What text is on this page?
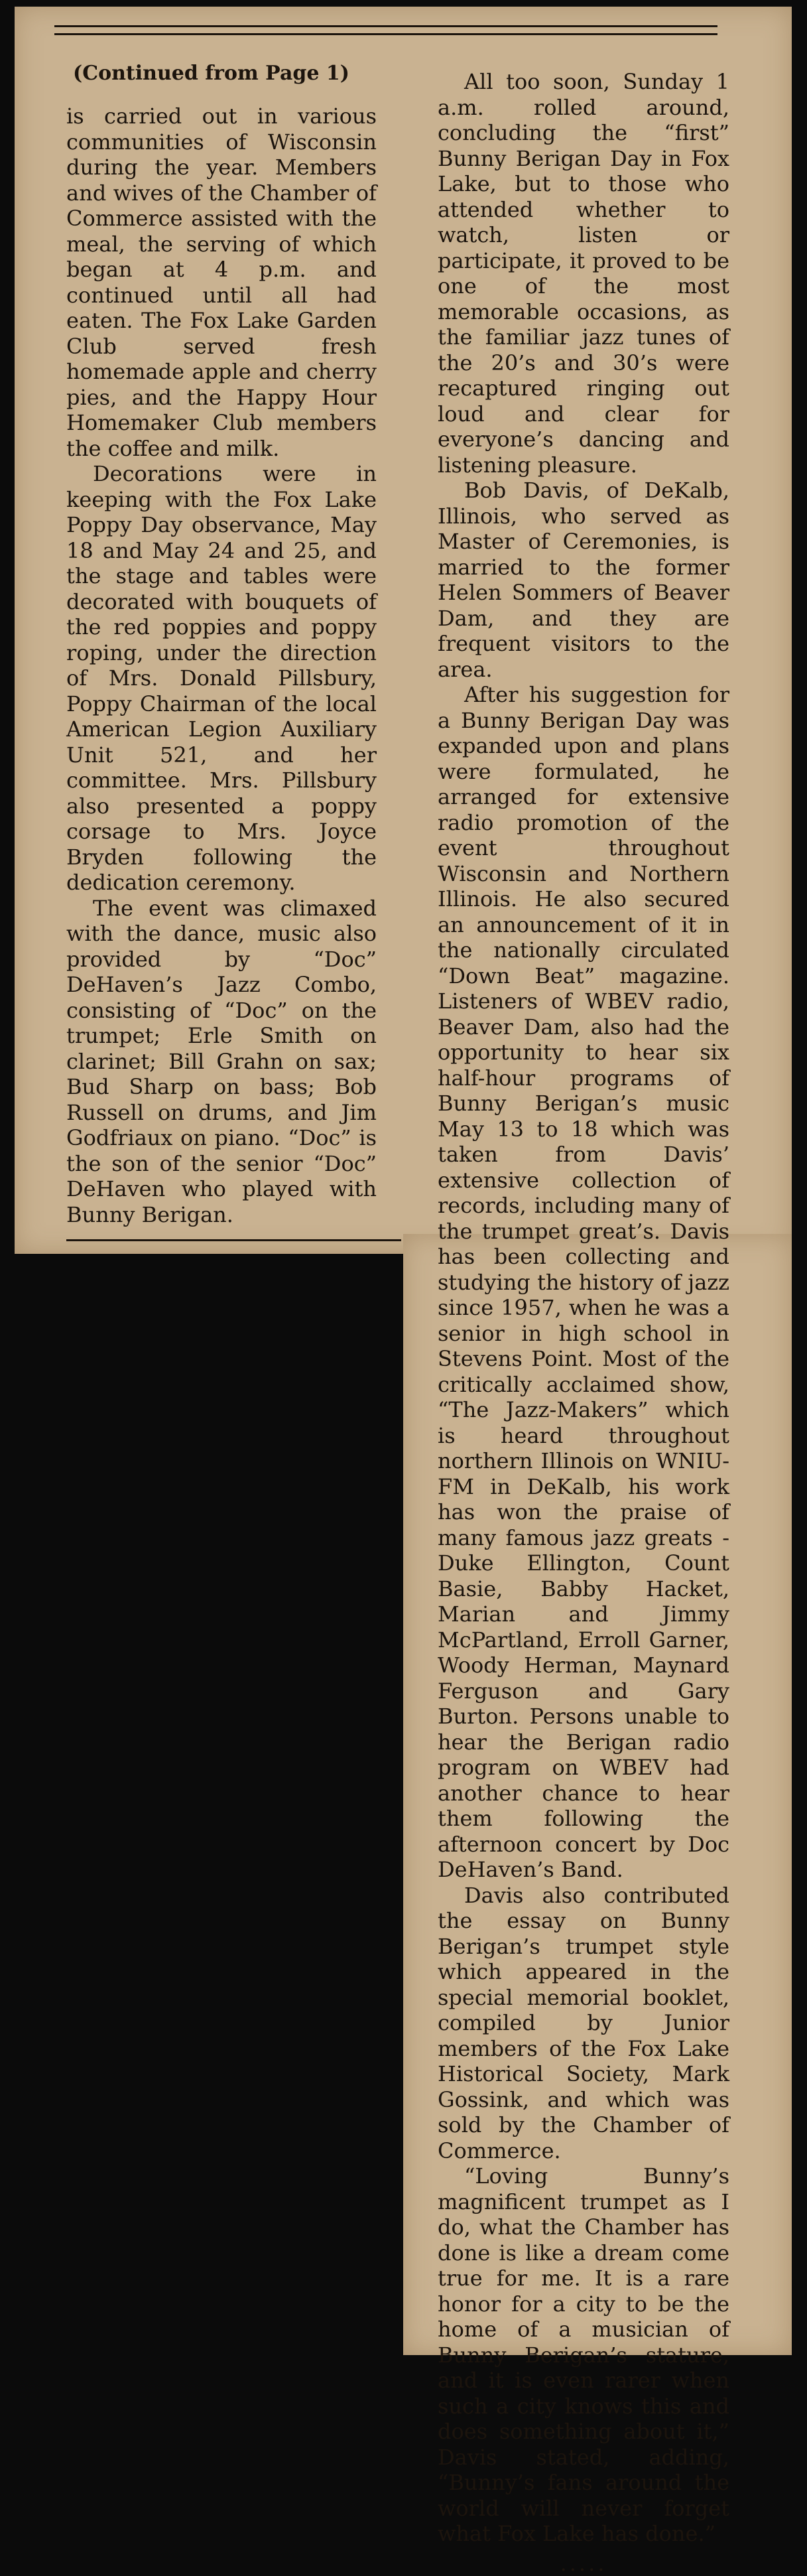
(Continued from Page 1)

is carried out in various communities of Wisconsin during the year. Members and wives of the Chamber of Commerce assisted with the meal, the serving of which began at 4 p.m. and continued until all had eaten. The Fox Lake Garden Club served fresh homemade apple and cherry pies, and the Happy Hour Homemaker Club members the coffee and milk.

Decorations were in keeping with the Fox Lake Poppy Day observance, May 18 and May 24 and 25, and the stage and tables were decorated with bouquets of the red poppies and poppy roping, under the direction of Mrs. Donald Pillsbury, Poppy Chairman of the local American Legion Auxiliary Unit 521, and her committee. Mrs. Pillsbury also presented a poppy corsage to Mrs. Joyce Bryden following the dedication ceremony.

The event was climaxed with the dance, music also provided by “Doc” DeHaven’s Jazz Combo, consisting of “Doc” on the trumpet; Erle Smith on clarinet; Bill Grahn on sax; Bud Sharp on bass; Bob Russell on drums, and Jim Godfriaux on piano. “Doc” is the son of the senior “Doc” DeHaven who played with Bunny Berigan.

All too soon, Sunday 1 a.m. rolled around, concluding the “first” Bunny Berigan Day in Fox Lake, but to those who attended whether to watch, listen or participate, it proved to be one of the most memorable occasions, as the familiar jazz tunes of the 20’s and 30’s were recaptured ringing out loud and clear for everyone’s dancing and listening pleasure.

Bob Davis, of DeKalb, Illinois, who served as Master of Ceremonies, is married to the former Helen Sommers of Beaver Dam, and they are frequent visitors to the area.

After his suggestion for a Bunny Berigan Day was expanded upon and plans were formulated, he arranged for extensive radio promotion of the event throughout Wisconsin and Northern Illinois. He also secured an announcement of it in the nationally circulated “Down Beat” magazine. Listeners of WBEV radio, Beaver Dam, also had the opportunity to hear six half-hour programs of Bunny Berigan’s music May 13 to 18 which was taken from Davis’ extensive collection of records, including many of the trumpet great’s. Davis has been collecting and studying the history of jazz since 1957, when he was a senior in high school in Stevens Point. Most of the critically acclaimed show, “The Jazz-Makers” which is heard throughout northern Illinois on WNIU-FM in DeKalb, his work has won the praise of many famous jazz greats - Duke Ellington, Count Basie, Babby Hacket, Marian and Jimmy McPartland, Erroll Garner, Woody Herman, Maynard Ferguson and Gary Burton. Persons unable to hear the Berigan radio program on WBEV had another chance to hear them following the afternoon concert by Doc DeHaven’s Band.

Davis also contributed the essay on Bunny Berigan’s trumpet style which appeared in the special memorial booklet, compiled by Junior members of the Fox Lake Historical Society, Mark Gossink, and which was sold by the Chamber of Commerce.

“Loving Bunny’s magnificent trumpet as I do, what the Chamber has done is like a dream come true for me. It is a rare honor for a city to be the home of a musician of Bunny Berigan’s stature, and it is even rarer when such a city knows this and does something about it,” Davis stated, adding, “Bunny’s fans around the world will never forget what Fox Lake has done.”

.....
